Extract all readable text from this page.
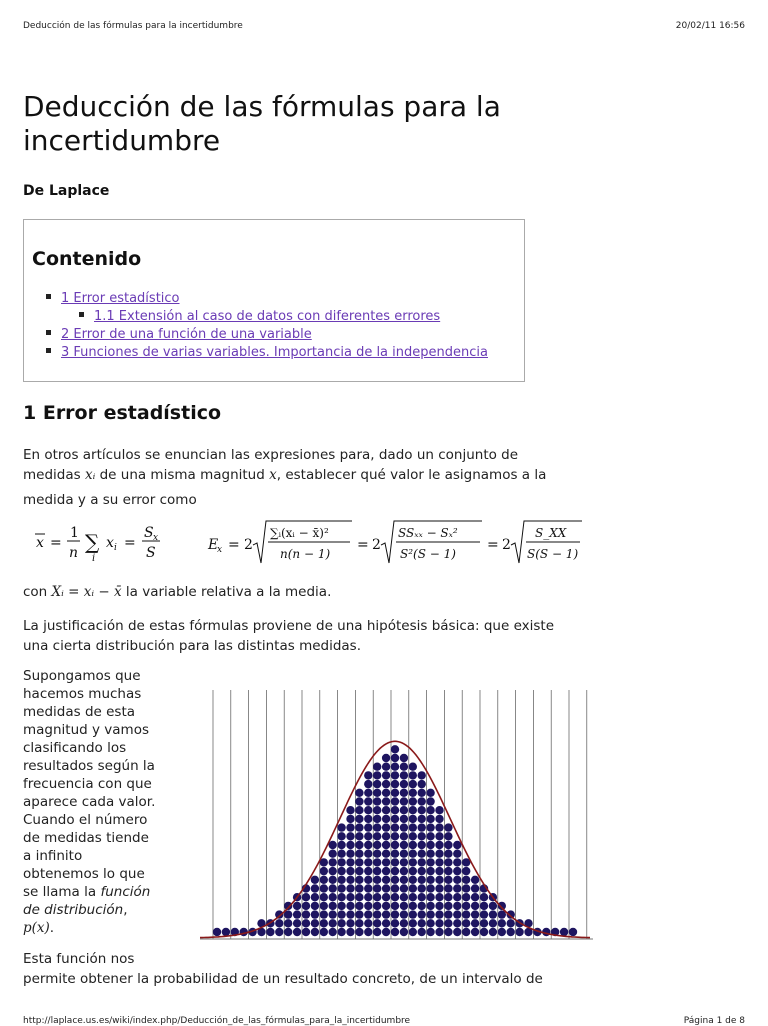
Deducción de las fórmulas para la incertidumbre	20/02/11 16:56
Deducción de las fórmulas para la incertidumbre
De Laplace
Contenido
1 Error estadístico
1.1 Extensión al caso de datos con diferentes errores
2 Error de una función de una variable
3 Funciones de varias variables. Importancia de la independencia
1 Error estadístico
En otros artículos se enuncian las expresiones para, dado un conjunto de
medidas xᵢ de una misma magnitud x, establecer qué valor le asignamos a la
medida y a su error como
x =
1
n ∑
i
x i =
S x
S	E
x = 2
∑ᵢ(xᵢ − x̄)²
n(n − 1)
= 2
SSₓₓ − Sₓ²
S²(S − 1)
= 2
S_XX
S(S − 1)
con Xᵢ = xᵢ − x̄ la variable relativa a la media.
La justificación de estas fórmulas proviene de una hipótesis básica: que existe
una cierta distribución para las distintas medidas.
Supongamos que
hacemos muchas
medidas de esta
magnitud y vamos
clasificando los
resultados según la
frecuencia con que
aparece cada valor.
Cuando el número
de medidas tiende
a infinito
obtenemos lo que
se llama la función
de distribución,
p(x).
Esta función nos
permite obtener la probabilidad de un resultado concreto, de un intervalo de
http://laplace.us.es/wiki/index.php/Deducción_de_las_fórmulas_para_la_incertidumbre	Página 1 de 8
